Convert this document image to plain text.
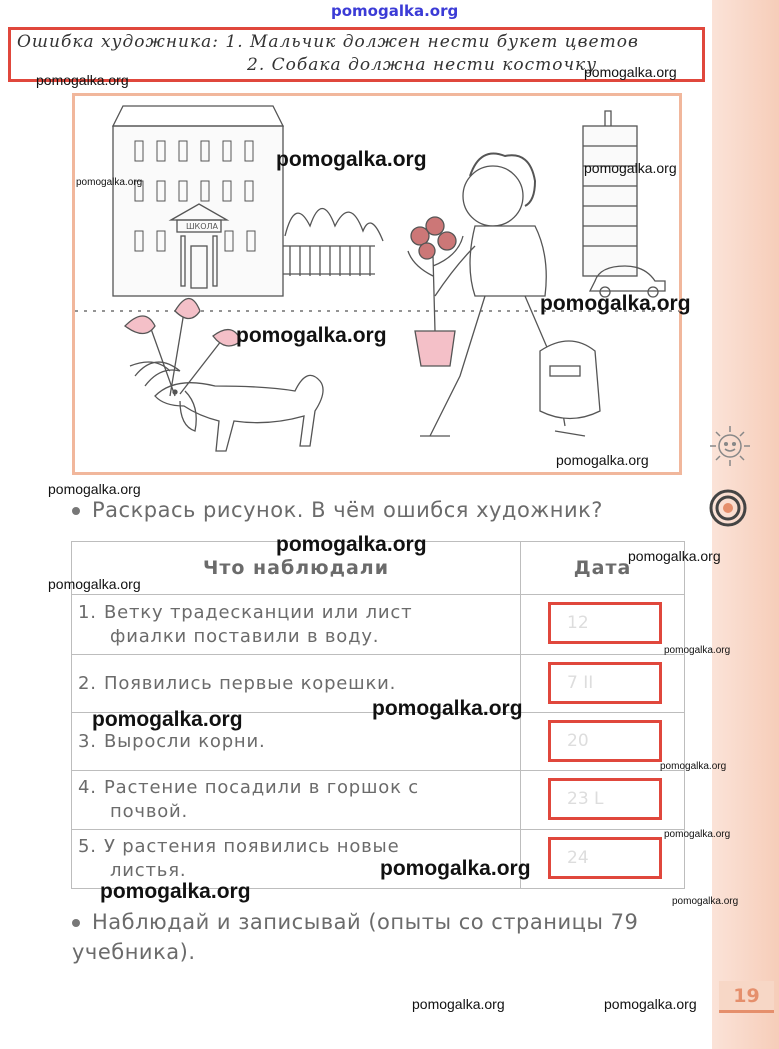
pomogalka.org
Ошибка художника: 1. Мальчик должен нести букет цветов
2. Собака должна нести косточку
ШКОЛА
Раскрась рисунок. В чём ошибся художник?
Что наблюдали	Дата
1. Ветку традесканции или лист
фиалки поставили в воду.	12

2. Появились первые корешки.	7 II

3. Выросли корни.	20

4. Растение посадили в горшок с
почвой.	23 L

5. У растения появились новые
листья.	24
Наблюдай и записывай (опыты со страницы 79
учебника).
19
pomogalka.org	pomogalka.org
pomogalka.org
pomogalka.org
pomogalka.org
pomogalka.org
pomogalka.org
pomogalka.org
pomogalka.org
pomogalka.org	pomogalka.org
pomogalka.org
pomogalka.org
pomogalka.org	pomogalka.org
pomogalka.org
pomogalka.org
pomogalka.org
pomogalka.org	pomogalka.org
pomogalka.org	pomogalka.org
